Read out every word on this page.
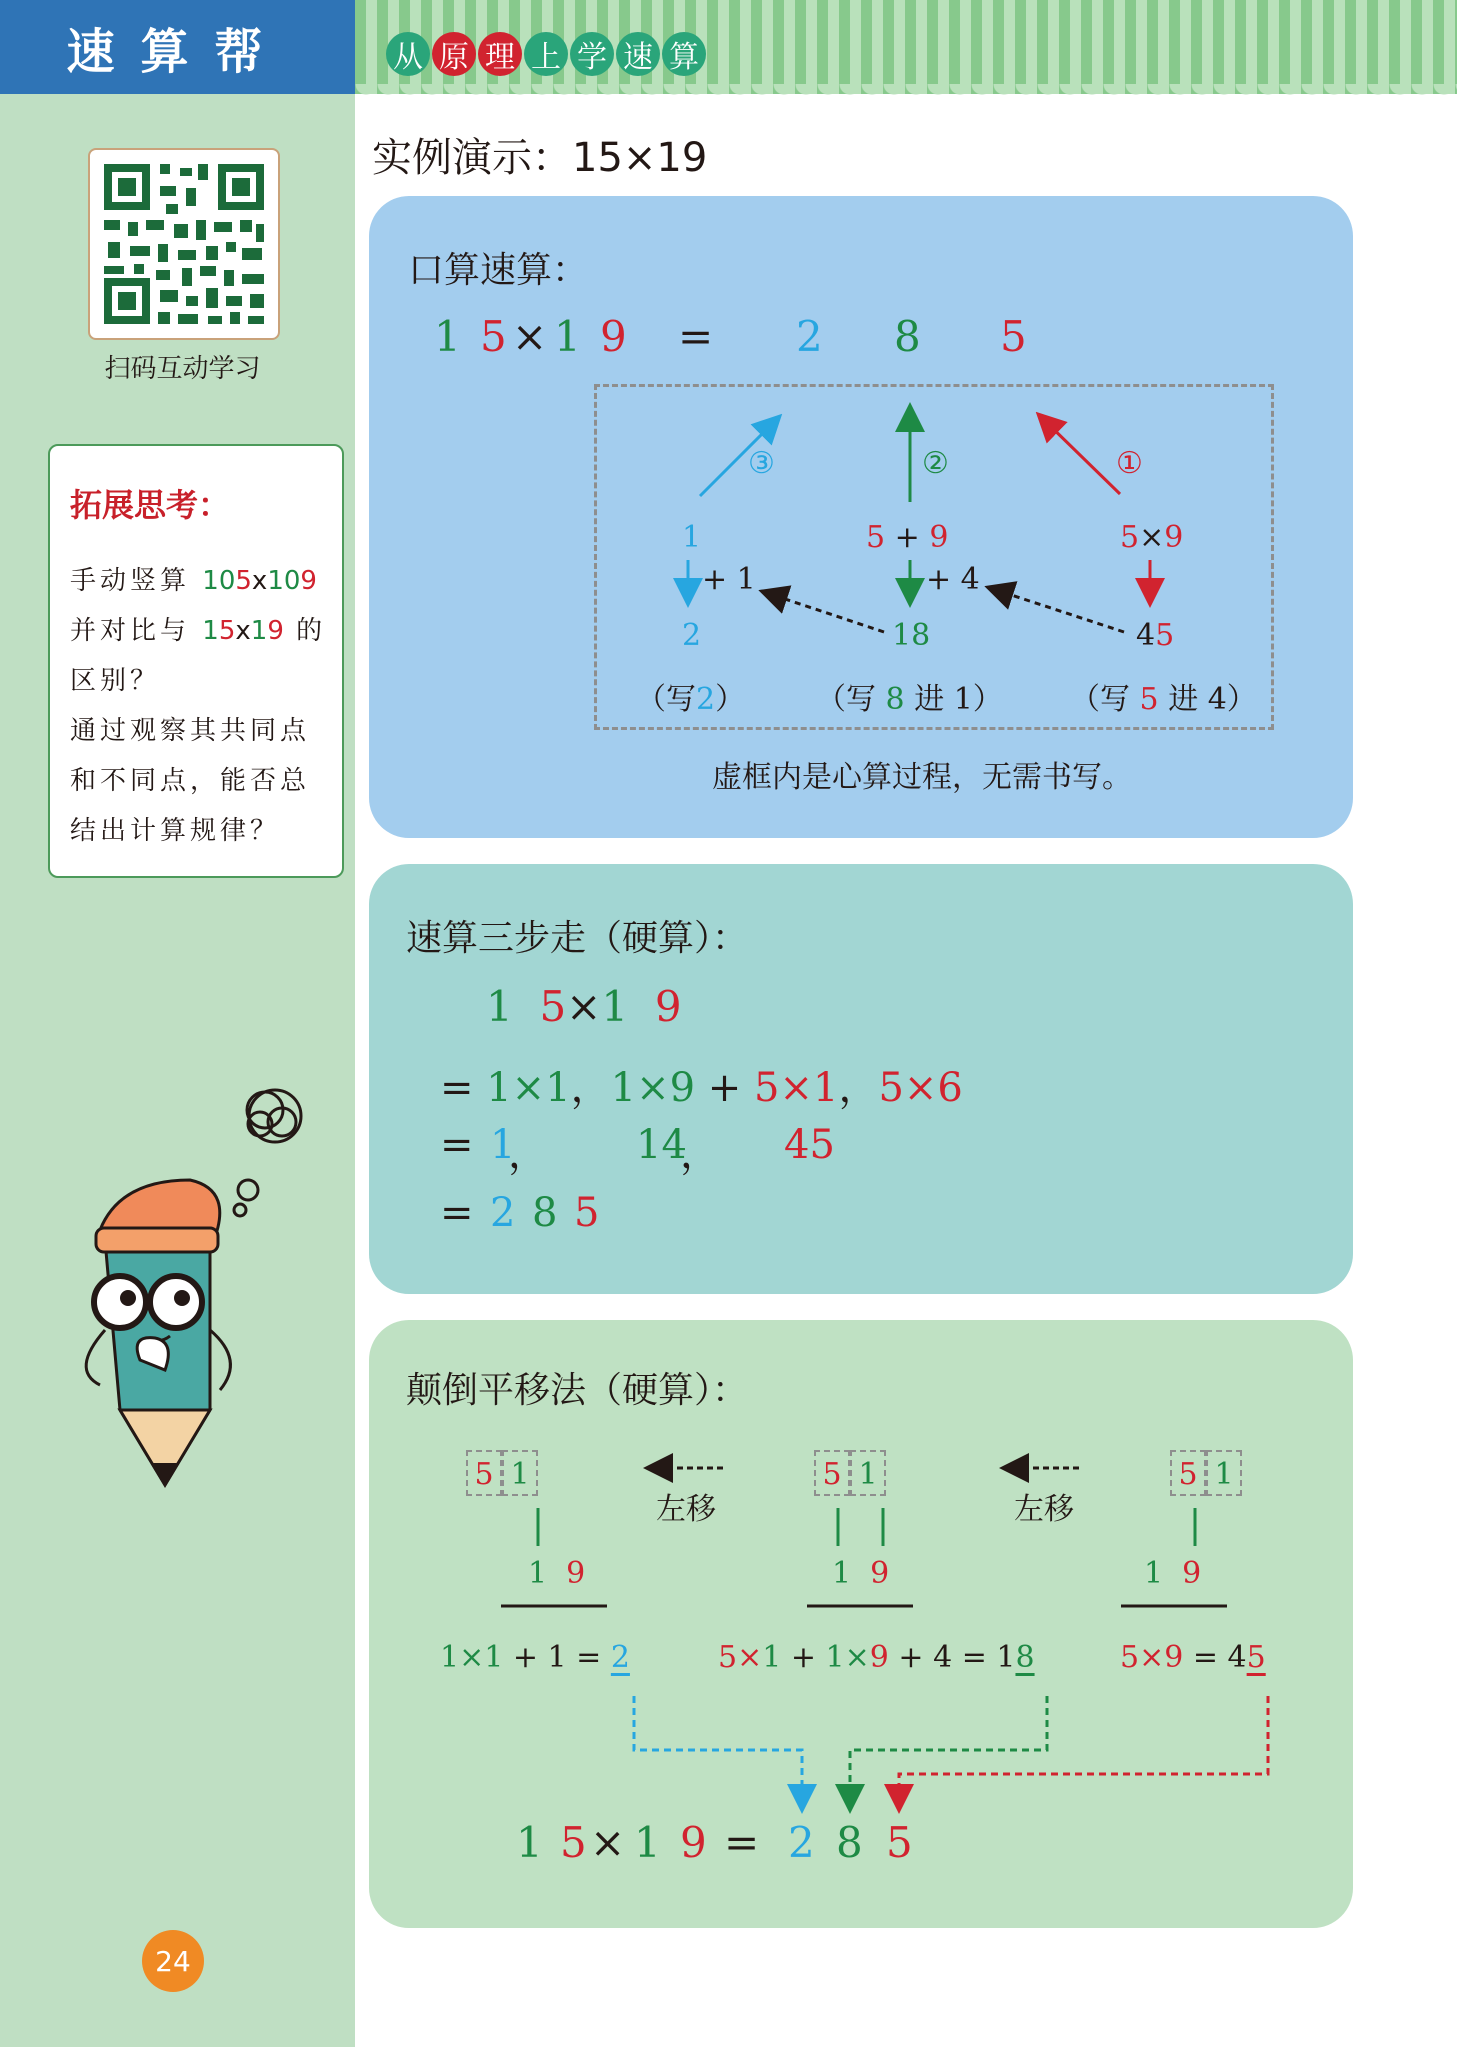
速算帮	从 原 理 上 学 速 算
扫码互动学习
拓展思考：
手动竖算 105x109
并对比与 15x19 的
区别？
通过观察其共同点
和不同点，能否总
结出计算规律？
24
实例演示：15×19
口算速算：
1 5 × 1 9 = 2 8 5
③	②	①
1
+ 1
2
5 + 9
+ 4
18
5×9
45
（写2） （写 8 进 1） （写 5 进 4）
虚框内是心算过程，无需书写。
速算三步走（硬算）：
1 5×1 9
= 1×1，1×9 + 5×1，5×6
= 1
， 14
， 45
= 2 8 5
颠倒平移法（硬算）：
5 1	5 1	5 1
左移	左移
1 9	1 9	1 9
1×1 + 1 = 2	5×1 + 1×9 + 4 = 18	5×9 = 45
1 5 × 1 9 = 2 8 5
